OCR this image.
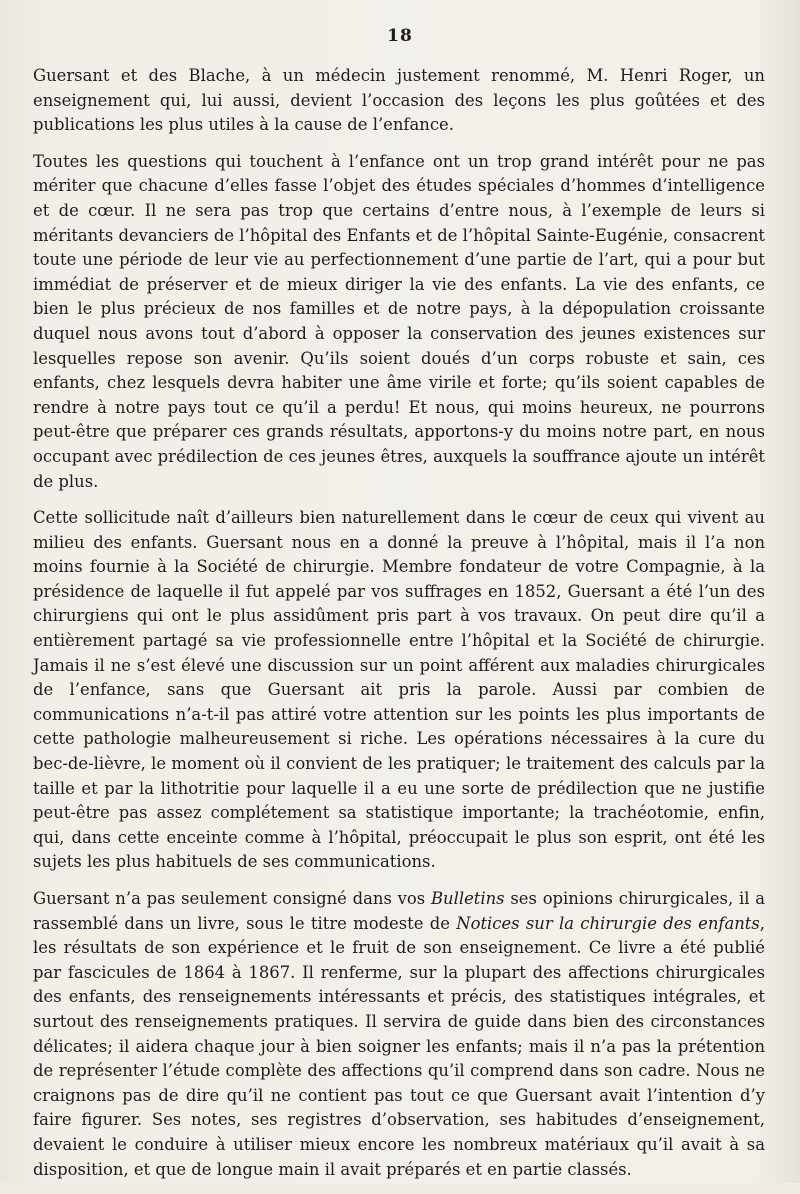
18

Guersant et des Blache, à un médecin justement renommé, M. Henri Roger, un enseignement qui, lui aussi, devient l’occasion des leçons les plus goûtées et des publications les plus utiles à la cause de l’enfance.

Toutes les questions qui touchent à l’enfance ont un trop grand intérêt pour ne pas mériter que chacune d’elles fasse l’objet des études spéciales d’hommes d’intelligence et de cœur. Il ne sera pas trop que certains d’entre nous, à l’exemple de leurs si méritants devanciers de l’hôpital des Enfants et de l’hôpital Sainte-Eugénie, consacrent toute une période de leur vie au perfectionnement d’une partie de l’art, qui a pour but immédiat de préserver et de mieux diriger la vie des enfants. La vie des enfants, ce bien le plus précieux de nos familles et de notre pays, à la dépopulation croissante duquel nous avons tout d’abord à opposer la conservation des jeunes existences sur lesquelles repose son avenir. Qu’ils soient doués d’un corps robuste et sain, ces enfants, chez lesquels devra habiter une âme virile et forte; qu’ils soient capables de rendre à notre pays tout ce qu’il a perdu! Et nous, qui moins heureux, ne pourrons peut-être que préparer ces grands résultats, apportons-y du moins notre part, en nous occupant avec prédilection de ces jeunes êtres, auxquels la souffrance ajoute un intérêt de plus.

Cette sollicitude naît d’ailleurs bien naturellement dans le cœur de ceux qui vivent au milieu des enfants. Guersant nous en a donné la preuve à l’hôpital, mais il l’a non moins fournie à la Société de chirurgie. Membre fondateur de votre Compagnie, à la présidence de laquelle il fut appelé par vos suffrages en 1852, Guersant a été l’un des chirurgiens qui ont le plus assidûment pris part à vos travaux. On peut dire qu’il a entièrement partagé sa vie professionnelle entre l’hôpital et la Société de chirurgie. Jamais il ne s’est élevé une discussion sur un point afférent aux maladies chirurgicales de l’enfance, sans que Guersant ait pris la parole. Aussi par combien de communications n’a-t-il pas attiré votre attention sur les points les plus importants de cette pathologie malheureusement si riche. Les opérations nécessaires à la cure du bec-de-lièvre, le moment où il convient de les pratiquer; le traitement des calculs par la taille et par la lithotritie pour laquelle il a eu une sorte de prédilection que ne justifie peut-être pas assez complétement sa statistique importante; la trachéotomie, enfin, qui, dans cette enceinte comme à l’hôpital, préoccupait le plus son esprit, ont été les sujets les plus habituels de ses communications.

Guersant n’a pas seulement consigné dans vos Bulletins ses opinions chirurgicales, il a rassemblé dans un livre, sous le titre modeste de Notices sur la chirurgie des enfants, les résultats de son expérience et le fruit de son enseignement. Ce livre a été publié par fascicules de 1864 à 1867. Il renferme, sur la plupart des affections chirurgicales des enfants, des renseignements intéressants et précis, des statistiques intégrales, et surtout des renseignements pratiques. Il servira de guide dans bien des circonstances délicates; il aidera chaque jour à bien soigner les enfants; mais il n’a pas la prétention de représenter l’étude complète des affections qu’il comprend dans son cadre. Nous ne craignons pas de dire qu’il ne contient pas tout ce que Guersant avait l’intention d’y faire figurer. Ses notes, ses registres d’observation, ses habitudes d’enseignement, devaient le conduire à utiliser mieux encore les nombreux matériaux qu’il avait à sa disposition, et que de longue main il avait préparés et en partie classés.
